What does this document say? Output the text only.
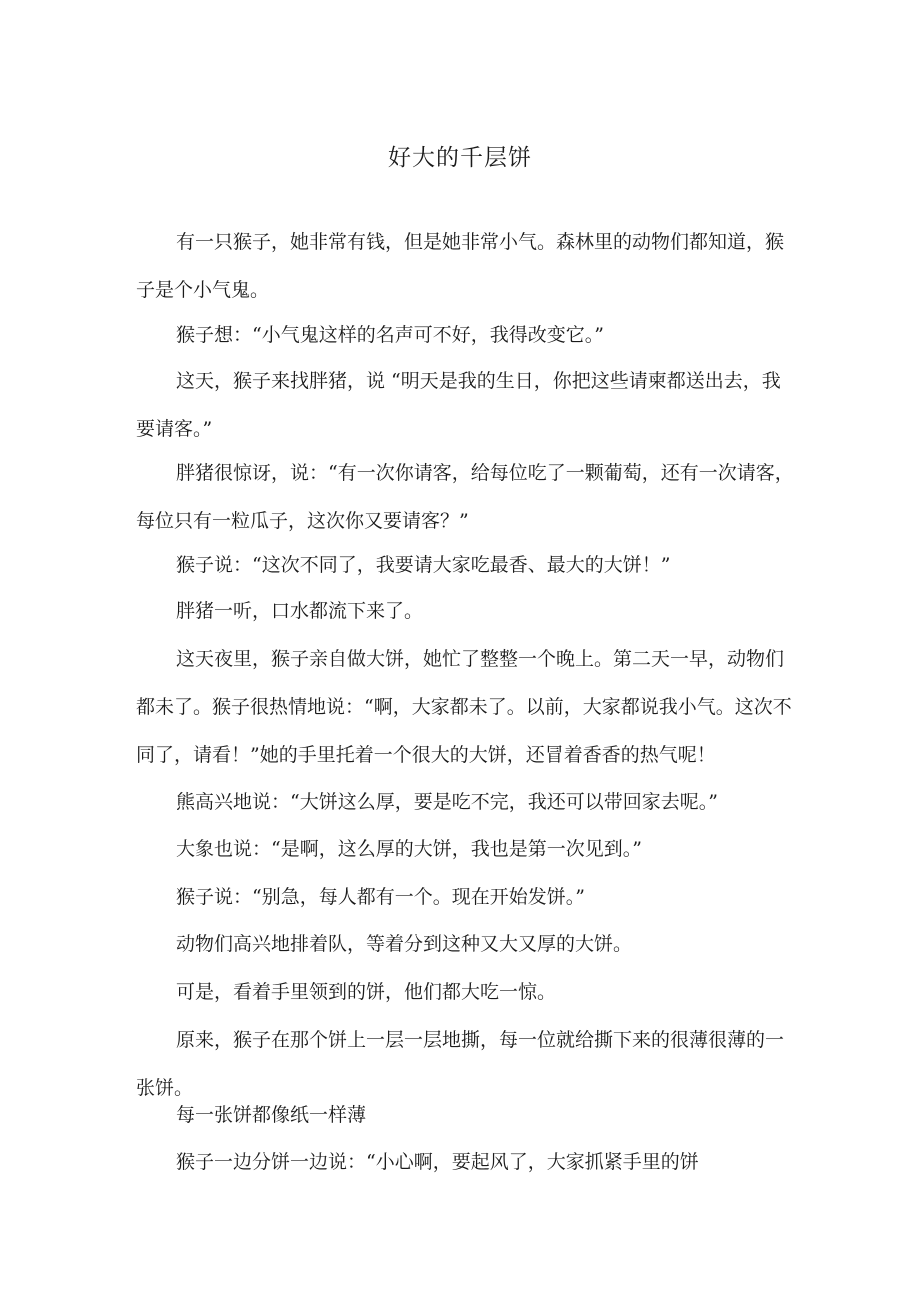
好大的千层饼

有一只猴子，她非常有钱，但是她非常小气。森林里的动物们都知道，猴子是个小气鬼。

猴子想：“小气鬼这样的名声可不好，我得改变它。”

这天，猴子来找胖猪，说 “明天是我的生日，你把这些请柬都送出去，我要请客。”

胖猪很惊讶，说：“有一次你请客，给每位吃了一颗葡萄，还有一次请客，每位只有一粒瓜子，这次你又要请客？”

猴子说：“这次不同了，我要请大家吃最香、最大的大饼！”

胖猪一听，口水都流下来了。

这天夜里，猴子亲自做大饼，她忙了整整一个晚上。第二天一早，动物们都未了。猴子很热情地说：“啊，大家都未了。以前，大家都说我小气。这次不同了，请看！”她的手里托着一个很大的大饼，还冒着香香的热气呢！

熊高兴地说：“大饼这么厚，要是吃不完，我还可以带回家去呢。”

大象也说：“是啊，这么厚的大饼，我也是第一次见到。”

猴子说：“别急，每人都有一个。现在开始发饼。”

动物们高兴地排着队，等着分到这种又大又厚的大饼。

可是，看着手里领到的饼，他们都大吃一惊。

原来，猴子在那个饼上一层一层地撕，每一位就给撕下来的很薄很薄的一张饼。

每一张饼都像纸一样薄

猴子一边分饼一边说：“小心啊，要起风了，大家抓紧手里的饼
